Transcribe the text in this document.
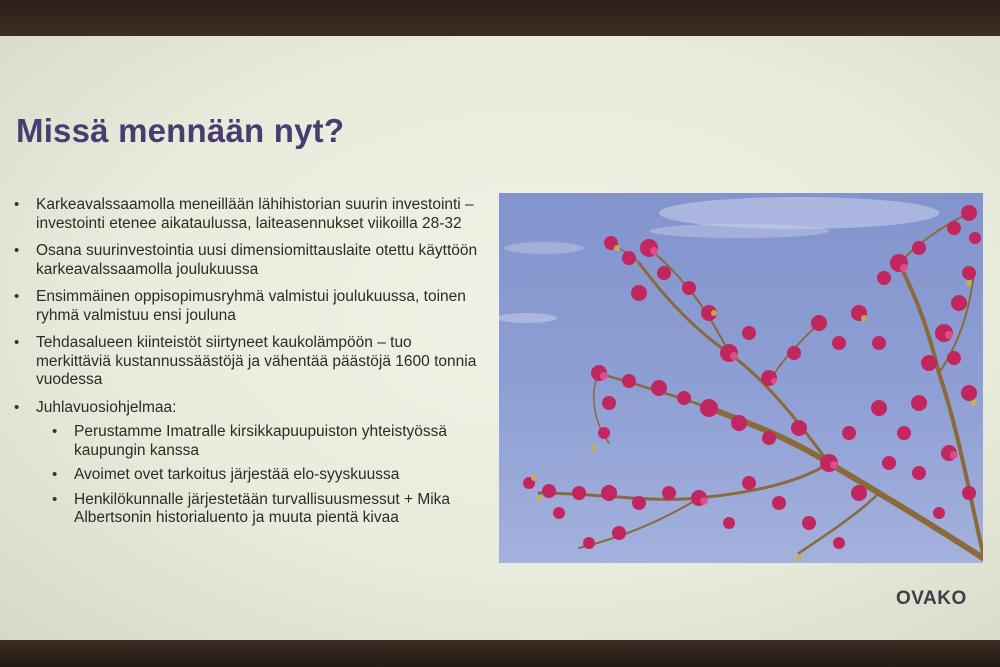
Missä mennään nyt?
• Karkeavalssaamolla meneillään lähihistorian suurin investointi – investointi etenee aikataulussa, laiteasennukset viikoilla 28-32
• Osana suurinvestointia uusi dimensiomittauslaite otettu käyttöön karkeavalssaamolla joulukuussa
• Ensimmäinen oppisopimusryhmä valmistui joulukuussa, toinen ryhmä valmistuu ensi jouluna
• Tehdasalueen kiinteistöt siirtyneet kaukolämpöön – tuo merkittäviä kustannussäästöjä ja vähentää päästöjä 1600 tonnia vuodessa
• Juhlavuosiohjelmaa:
• Perustamme Imatralle kirsikkapuupuiston yhteistyössä kaupungin kanssa
• Avoimet ovet tarkoitus järjestää elo-syyskuussa
• Henkilökunnalle järjestetään turvallisuusmessut + Mika Albertsonin historialuento ja muuta pientä kivaa
OVAKO
